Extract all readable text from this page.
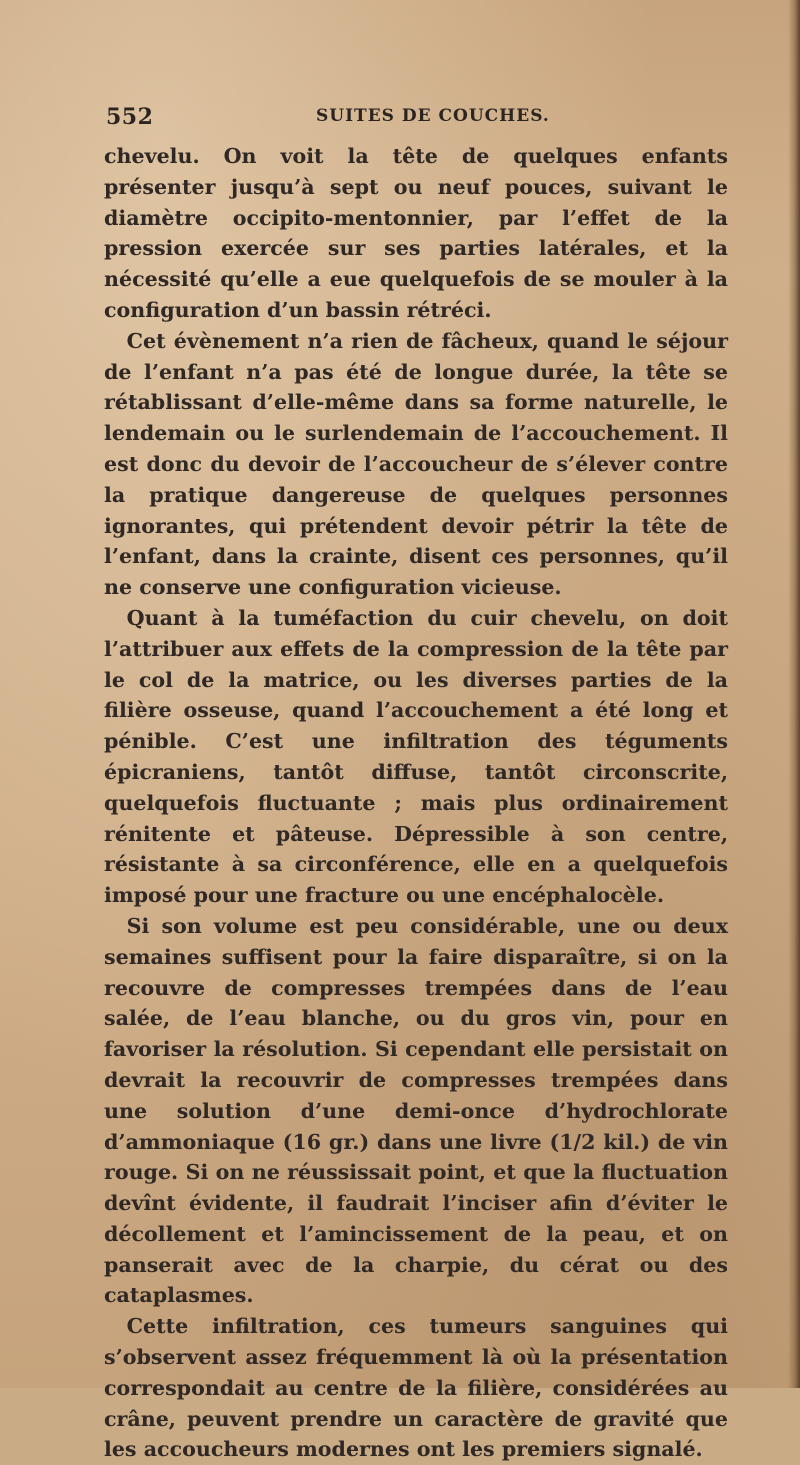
552	SUITES DE COUCHES.

chevelu. On voit la tête de quelques enfants présenter jusqu’à sept ou neuf pouces, suivant le diamètre occipito-mentonnier, par l’effet de la pression exercée sur ses parties latérales, et la nécessité qu’elle a eue quelquefois de se mouler à la configuration d’un bassin rétréci.

Cet évènement n’a rien de fâcheux, quand le séjour de l’enfant n’a pas été de longue durée, la tête se rétablissant d’elle-même dans sa forme naturelle, le lendemain ou le surlendemain de l’accouchement. Il est donc du devoir de l’accoucheur de s’élever contre la pratique dangereuse de quelques personnes ignorantes, qui prétendent devoir pétrir la tête de l’enfant, dans la crainte, disent ces personnes, qu’il ne conserve une configuration vicieuse.

Quant à la tuméfaction du cuir chevelu, on doit l’attribuer aux effets de la compression de la tête par le col de la matrice, ou les diverses parties de la filière osseuse, quand l’accouchement a été long et pénible. C’est une infiltration des téguments épicraniens, tantôt diffuse, tantôt circonscrite, quelquefois fluctuante ; mais plus ordinairement rénitente et pâteuse. Dépressible à son centre, résistante à sa circonférence, elle en a quelquefois imposé pour une fracture ou une encéphalocèle.

Si son volume est peu considérable, une ou deux semaines suffisent pour la faire disparaître, si on la recouvre de compresses trempées dans de l’eau salée, de l’eau blanche, ou du gros vin, pour en favoriser la résolution. Si cependant elle persistait on devrait la recouvrir de compresses trempées dans une solution d’une demi-once d’hydrochlorate d’ammoniaque (16 gr.) dans une livre (1/2 kil.) de vin rouge. Si on ne réussissait point, et que la fluctuation devînt évidente, il faudrait l’inciser afin d’éviter le décollement et l’amincissement de la peau, et on panserait avec de la charpie, du cérat ou des cataplasmes.

Cette infiltration, ces tumeurs sanguines qui s’observent assez fréquemment là où la présentation correspondait au centre de la filière, considérées au crâne, peuvent prendre un caractère de gravité que les accoucheurs modernes ont les premiers signalé.
